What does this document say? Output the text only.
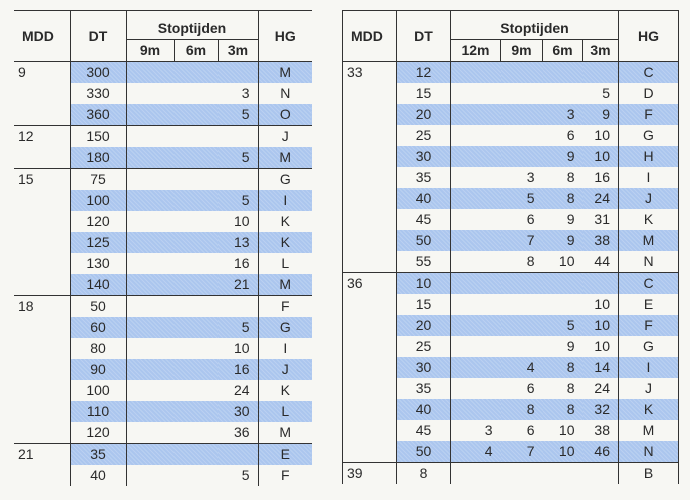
MDD	DT	Stoptijden			HG
		9m	6m	3m	
9	300				M
	330			3	N
	360			5	O
12	150				J
	180			5	M
15	75				G
	100			5	I
	120			10	K
	125			13	K
	130			16	L
	140			21	M
18	50				F
	60			5	G
	80			10	I
	90			16	J
	100			24	K
	110			30	L
	120			36	M
21	35				E
	40			5	F
MDD	DT	Stoptijden				HG
		12m	9m	6m	3m	
33	12					C
	15				5	D
	20			3	9	F
	25			6	10	G
	30			9	10	H
	35		3	8	16	I
	40		5	8	24	J
	45		6	9	31	K
	50		7	9	38	M
	55		8	10	44	N
36	10					C
	15				10	E
	20			5	10	F
	25			9	10	G
	30		4	8	14	I
	35		6	8	24	J
	40		8	8	32	K
	45	3	6	10	38	M
	50	4	7	10	46	N
39	8					B
